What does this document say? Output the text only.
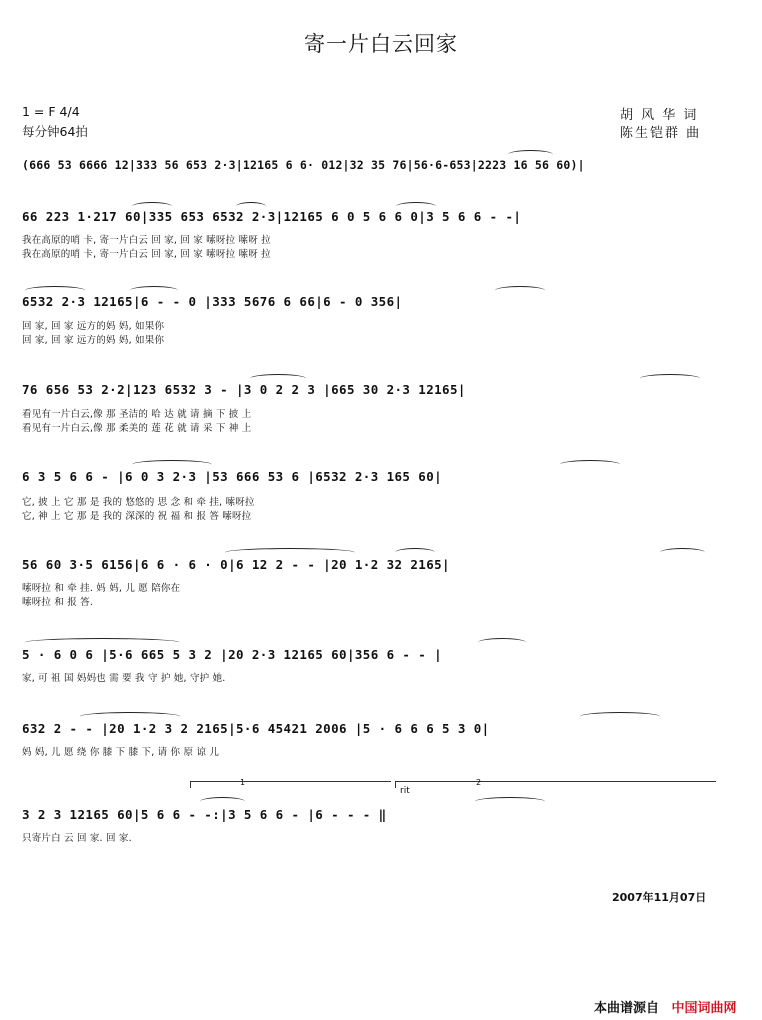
寄一片白云回家
1 = F 4/4
每分钟64拍
胡 风 华 词
陈生铠群 曲
(666 53 6666 12|333 56 653 2·3|12165 6 6· 012|32 35 76|56·6-653|2223 16 56 60)|
66 223 1·217 60|335 653 6532 2·3|12165 6 0 5 6 6 0|3 5 6 6 - -|
我在高原的哨 卡, 寄一片白云 回 家, 回 家 嗦呀拉 嗦呀 拉
我在高原的哨 卡, 寄一片白云 回 家, 回 家 嗦呀拉 嗦呀 拉
6532 2·3 12165|6 - - 0 |333 5676 6 66|6 - 0 356|
回 家, 回 家 远方的妈 妈, 如果你
回 家, 回 家 远方的妈 妈, 如果你
76 656 53 2·2|123 6532 3 - |3 0 2 2 3 |665 30 2·3 12165|
看见有一片白云,像 那 圣洁的 哈 达 就 请 摘 下 披 上
看见有一片白云,像 那 柔美的 莲 花 就 请 采 下 神 上
6 3 5 6 6 - |6 0 3 2·3 |53 666 53 6 |6532 2·3 165 60|
它, 披 上 它 那 是 我的 悠悠的 思 念 和 牵 挂, 嗦呀拉
它, 神 上 它 那 是 我的 深深的 祝 福 和 报 答 嗦呀拉
56 60 3·5 6156|6 6 · 6 · 0|6 12 2 - - |20 1·2 32 2165|
嗦呀拉 和 牵 挂. 妈 妈, 儿 愿 陪你在
嗦呀拉 和 报 答.
5 · 6 0 6 |5·6 665 5 3 2 |20 2·3 12165 60|356 6 - - |
家, 可 祖 国 妈妈也 需 要 我 守 护 她, 守护 她.
632 2 - - |20 1·2 3 2 2165|5·6 45421 2006 |5 · 6 6 6 5 3 0|
妈 妈, 儿 愿 绕 你 膝 下 膝 下, 请 你 原 谅 儿
1	2
rit
3 2 3 12165 60|5 6 6 - -:|3 5 6 6 - |6 - - - ‖
只寄片白 云 回 家. 回 家.
2007年11月07日
本曲谱源自 中国词曲网
